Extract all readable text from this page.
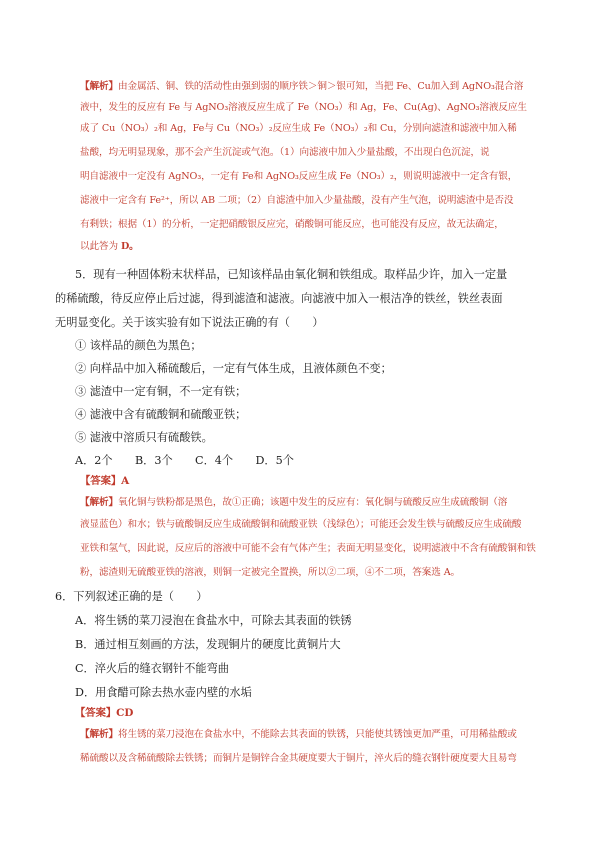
【解析】由金属活、铜、铁的活动性由强到弱的顺序铁＞铜＞银可知，当把 Fe、Cu加入到 AgNO₃混合溶
液中，发生的反应有 Fe 与 AgNO₃溶液反应生成了 Fe（NO₃）和 Ag，Fe、Cu(Ag)、AgNO₃溶液反应生
成了 Cu（NO₃）₂和 Ag，Fe与 Cu（NO₃）₂反应生成 Fe（NO₃）₂和 Cu，分别向滤渣和滤液中加入稀
盐酸，均无明显现象，那不会产生沉淀或气泡。（1）向滤液中加入少量盐酸，不出现白色沉淀，说
明自滤液中一定没有 AgNO₃，一定有 Fe和 AgNO₃反应生成 Fe（NO₃）₂，则说明滤液中一定含有银，
滤液中一定含有 Fe²⁺，所以 AB 二项；（2）自滤渣中加入少量盐酸，没有产生气泡，说明滤渣中是否没
有剩铁；根据（1）的分析，一定把硝酸银反应完，硝酸铜可能反应，也可能没有反应，故无法确定，
以此答为 D。
5．现有一种固体粉末状样品，已知该样品由氧化铜和铁组成。取样品少许，加入一定量
的稀硫酸，待反应停止后过滤，得到滤渣和滤液。向滤液中加入一根洁净的铁丝，铁丝表面
无明显变化。关于该实验有如下说法正确的有（　　）
① 该样品的颜色为黑色；
② 向样品中加入稀硫酸后，一定有气体生成，且液体颜色不变；
③ 滤渣中一定有铜，不一定有铁；
④ 滤液中含有硫酸铜和硫酸亚铁；
⑤ 滤液中溶质只有硫酸铁。
A．2个　　B．3个　　C．4个　　D．5个
【答案】A
【解析】氧化铜与铁粉都是黑色，故①正确；该题中发生的反应有：氧化铜与硫酸反应生成硫酸铜（溶
液显蓝色）和水；铁与硫酸铜反应生成硫酸铜和硫酸亚铁（浅绿色）；可能还会发生铁与硫酸反应生成硫酸
亚铁和氢气，因此说，反应后的溶液中可能不会有气体产生；表面无明显变化，说明滤液中不含有硫酸铜和铁
粉，滤渣则无硫酸亚铁的溶液，则铜一定被完全置换，所以②二项，④不二项，答案选 A。
6．下列叙述正确的是（　　）
A．将生锈的菜刀浸泡在食盐水中，可除去其表面的铁锈
B．通过相互刻画的方法，发现铜片的硬度比黄铜片大
C．淬火后的缝衣钢针不能弯曲
D．用食醋可除去热水壶内壁的水垢
【答案】CD
【解析】将生锈的菜刀浸泡在食盐水中，不能除去其表面的铁锈，只能使其锈蚀更加严重，可用稀盐酸或
稀硫酸以及含稀硫酸除去铁锈；而铜片是铜锌合金其硬度要大于铜片，淬火后的缝衣钢针硬度要大且易弯
